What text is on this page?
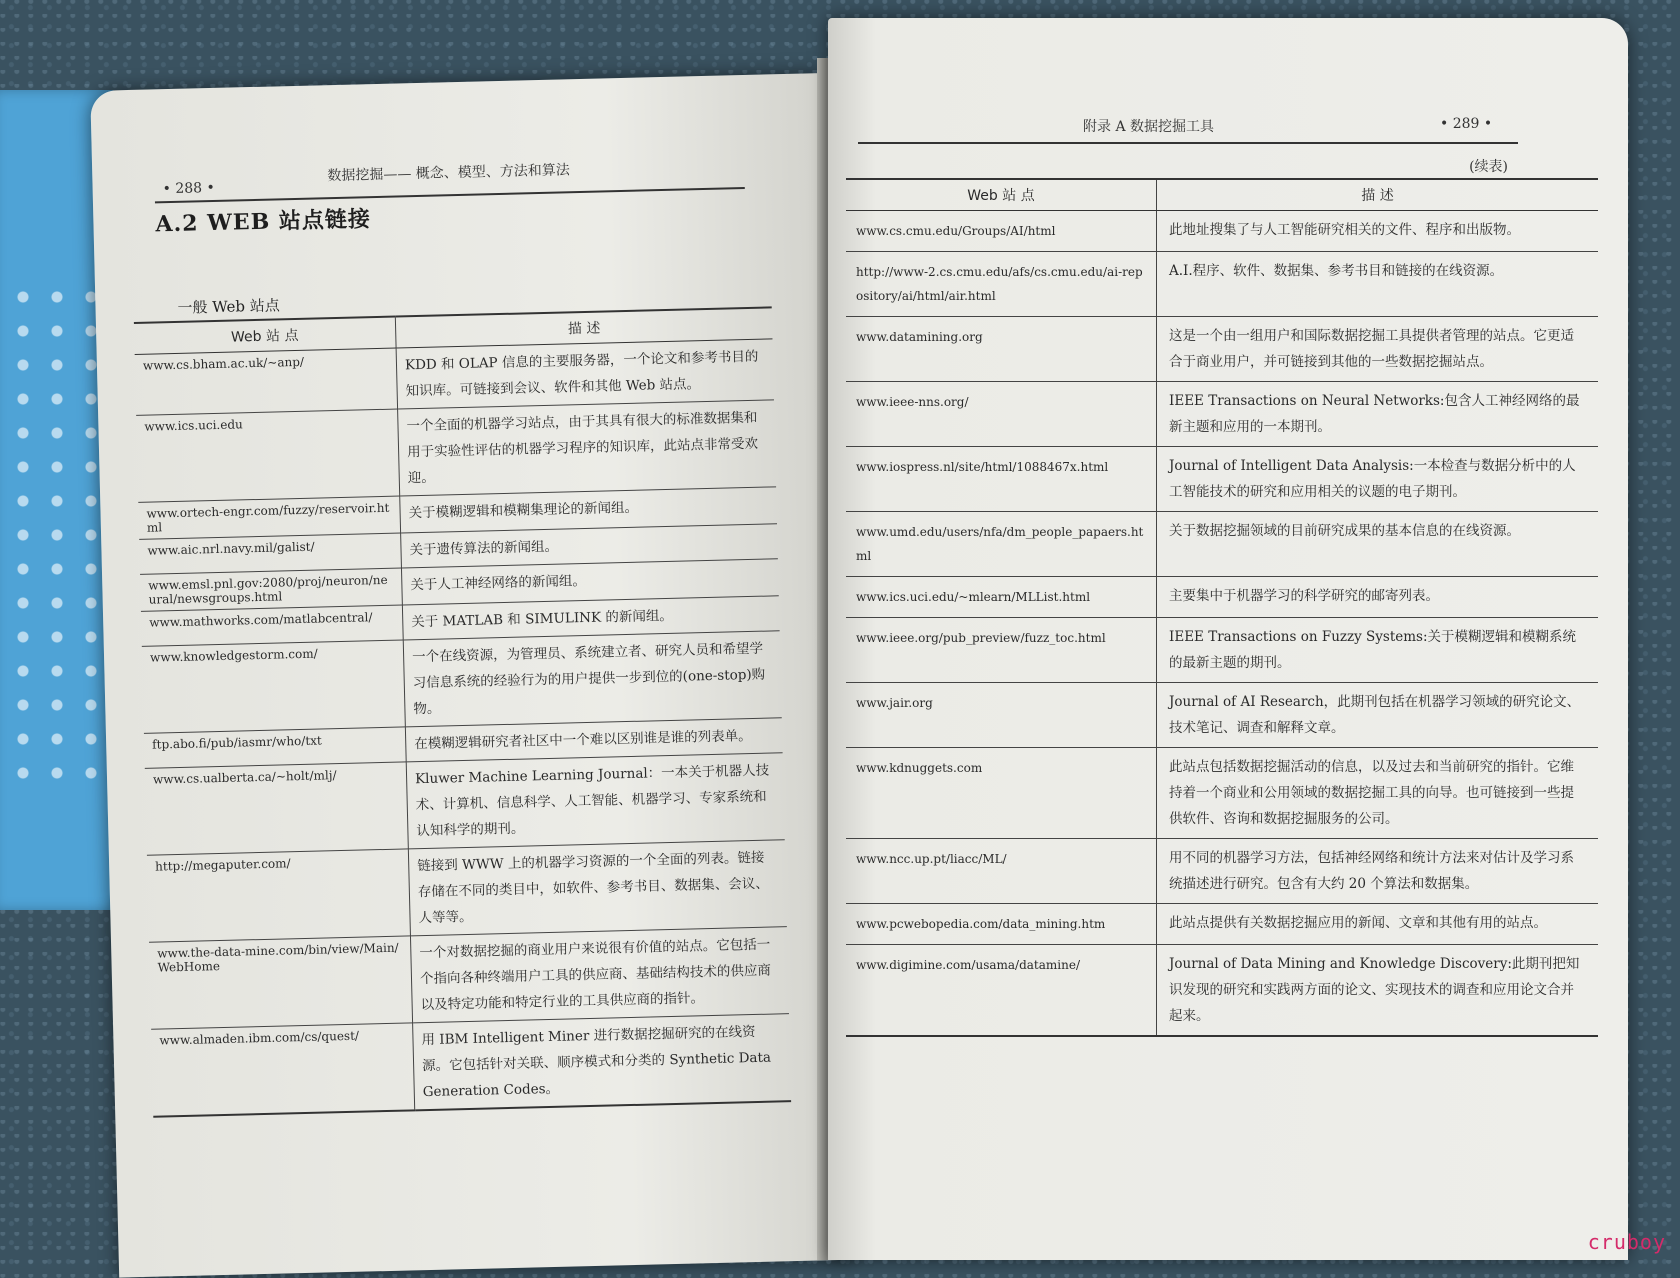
• 288 •
数据挖掘—— 概念、模型、方法和算法
A.2 WEB 站点链接
一般 Web 站点
Web 站 点	描 述
www.cs.bham.ac.uk/~anp/	KDD 和 OLAP 信息的主要服务器，一个论文和参考书目的知识库。可链接到会议、软件和其他 Web 站点。
www.ics.uci.edu	一个全面的机器学习站点，由于其具有很大的标准数据集和用于实验性评估的机器学习程序的知识库，此站点非常受欢迎。
www.ortech-engr.com/fuzzy/reservoir.html	关于模糊逻辑和模糊集理论的新闻组。
www.aic.nrl.navy.mil/galist/	关于遗传算法的新闻组。
www.emsl.pnl.gov:2080/proj/neuron/neural/newsgroups.html	关于人工神经网络的新闻组。
www.mathworks.com/matlabcentral/	关于 MATLAB 和 SIMULINK 的新闻组。
www.knowledgestorm.com/	一个在线资源，为管理员、系统建立者、研究人员和希望学习信息系统的经验行为的用户提供一步到位的(one-stop)购物。
ftp.abo.fi/pub/iasmr/who/txt	在模糊逻辑研究者社区中一个难以区别谁是谁的列表单。
www.cs.ualberta.ca/~holt/mlj/	Kluwer Machine Learning Journal：一本关于机器人技术、计算机、信息科学、人工智能、机器学习、专家系统和认知科学的期刊。
http://megaputer.com/	链接到 WWW 上的机器学习资源的一个全面的列表。链接存储在不同的类目中，如软件、参考书目、数据集、会议、人等等。
www.the-data-mine.com/bin/view/Main/WebHome	一个对数据挖掘的商业用户来说很有价值的站点。它包括一个指向各种终端用户工具的供应商、基础结构技术的供应商以及特定功能和特定行业的工具供应商的指针。
www.almaden.ibm.com/cs/quest/	用 IBM Intelligent Miner 进行数据挖掘研究的在线资源。它包括针对关联、顺序模式和分类的 Synthetic Data Generation Codes。
附录 A 数据挖掘工具	• 289 •
(续表)
Web 站 点	描 述
www.cs.cmu.edu/Groups/AI/html	此地址搜集了与人工智能研究相关的文件、程序和出版物。
http://www-2.cs.cmu.edu/afs/cs.cmu.edu/ai-repository/ai/html/air.html	A.I.程序、软件、数据集、参考书目和链接的在线资源。
www.datamining.org	这是一个由一组用户和国际数据挖掘工具提供者管理的站点。它更适合于商业用户，并可链接到其他的一些数据挖掘站点。
www.ieee-nns.org/	IEEE Transactions on Neural Networks:包含人工神经网络的最新主题和应用的一本期刊。
www.iospress.nl/site/html/1088467x.html	Journal of Intelligent Data Analysis:一本检查与数据分析中的人工智能技术的研究和应用相关的议题的电子期刊。
www.umd.edu/users/nfa/dm_people_papaers.html	关于数据挖掘领域的目前研究成果的基本信息的在线资源。
www.ics.uci.edu/~mlearn/MLList.html	主要集中于机器学习的科学研究的邮寄列表。
www.ieee.org/pub_preview/fuzz_toc.html	IEEE Transactions on Fuzzy Systems:关于模糊逻辑和模糊系统的最新主题的期刊。
www.jair.org	Journal of AI Research，此期刊包括在机器学习领域的研究论文、技术笔记、调查和解释文章。
www.kdnuggets.com	此站点包括数据挖掘活动的信息，以及过去和当前研究的指针。它维持着一个商业和公用领域的数据挖掘工具的向导。也可链接到一些提供软件、咨询和数据挖掘服务的公司。
www.ncc.up.pt/liacc/ML/	用不同的机器学习方法，包括神经网络和统计方法来对估计及学习系统描述进行研究。包含有大约 20 个算法和数据集。
www.pcwebopedia.com/data_mining.htm	此站点提供有关数据挖掘应用的新闻、文章和其他有用的站点。
www.digimine.com/usama/datamine/	Journal of Data Mining and Knowledge Discovery:此期刊把知识发现的研究和实践两方面的论文、实现技术的调查和应用论文合并起来。
cruboy
